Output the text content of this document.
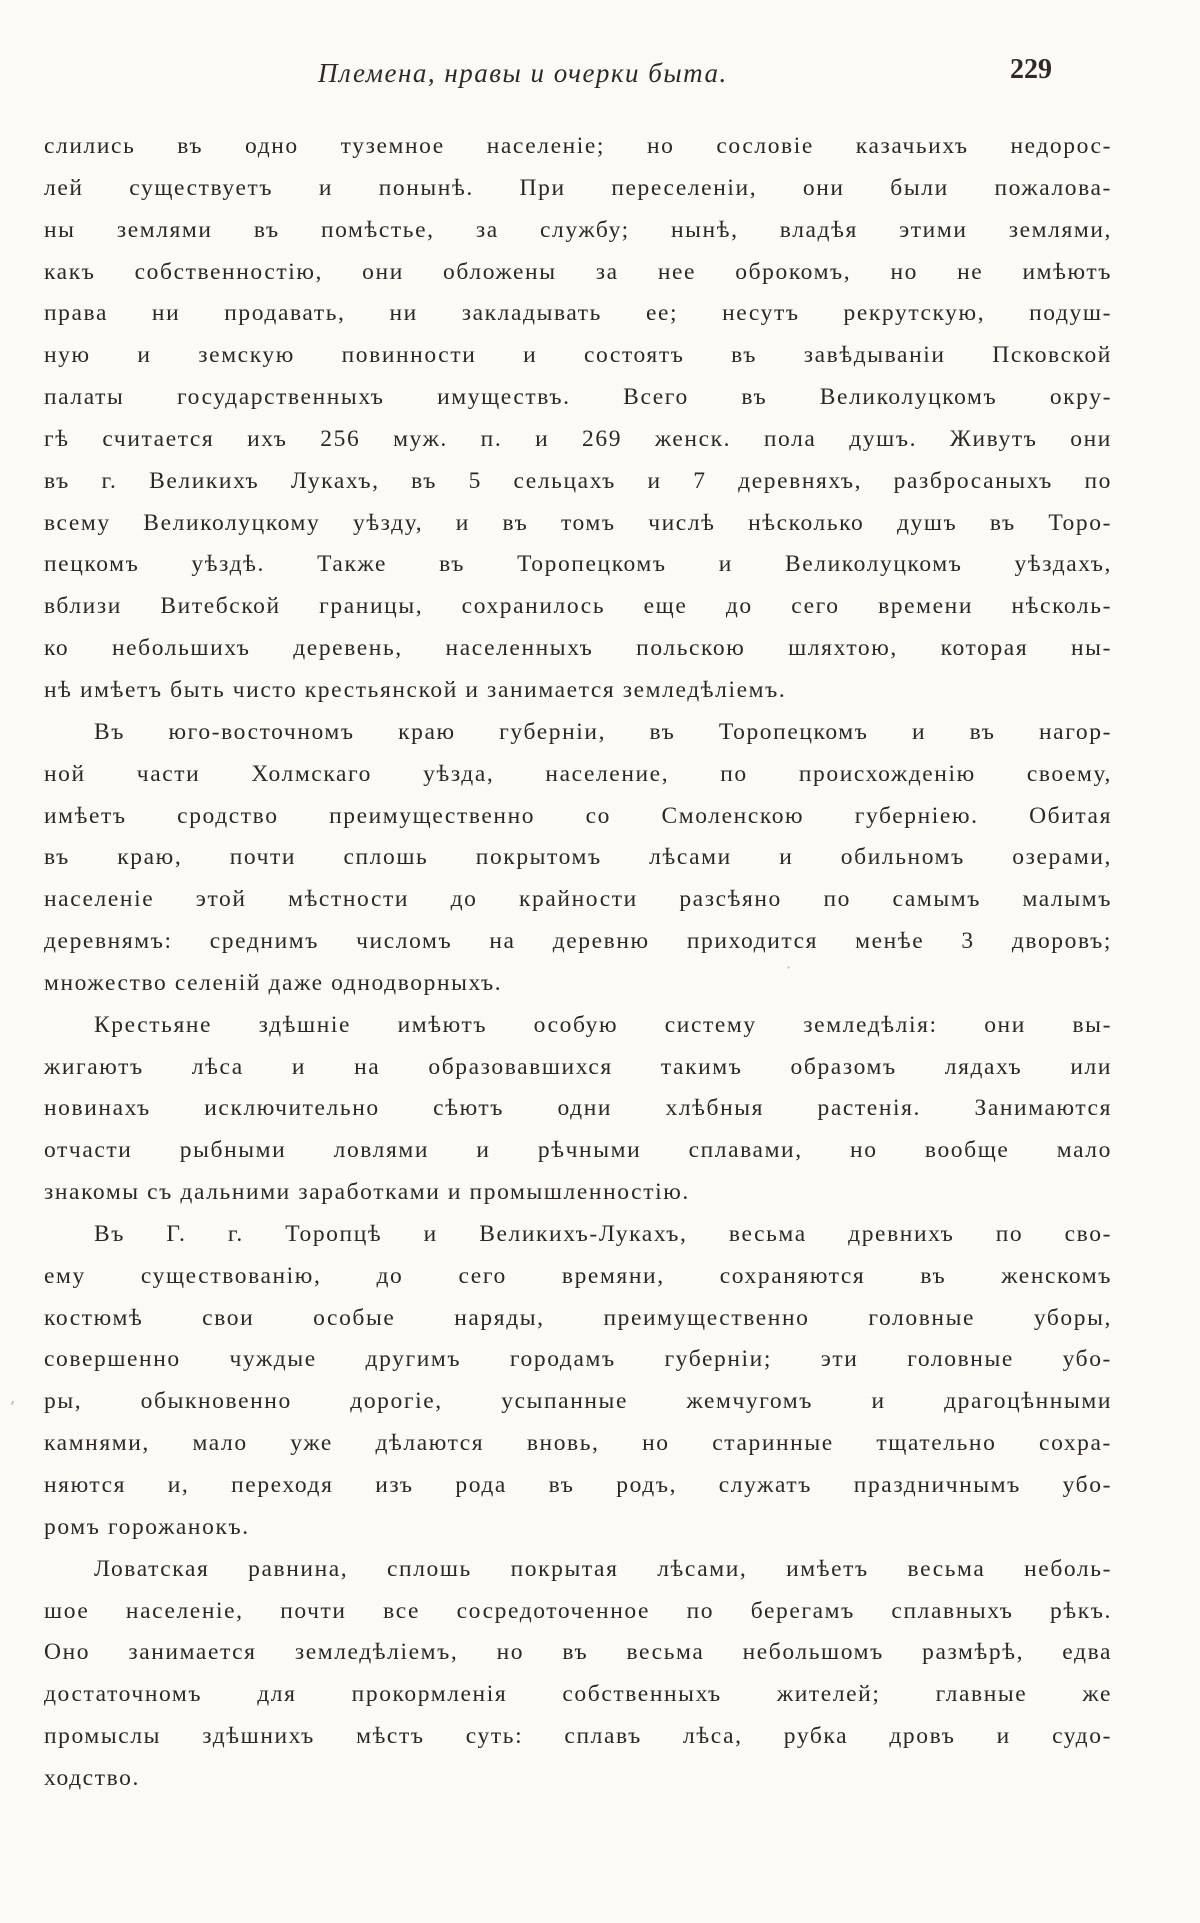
Племена, нравы и очерки быта.	229
слились въ одно туземное населеніе; но сословіе казачьихъ недорос-
лей существуетъ и понынѣ. При переселеніи, они были пожалова-
ны землями въ помѣстье, за службу; нынѣ, владѣя этими землями,
какъ собственностію, они обложены за нее оброкомъ, но не имѣютъ
права ни продавать, ни закладывать ее; несутъ рекрутскую, подуш-
ную и земскую повинности и состоятъ въ завѣдываніи Псковской
палаты государственныхъ имуществъ. Всего въ Великолуцкомъ окру-
гѣ считается ихъ 256 муж. п. и 269 женск. пола душъ. Живутъ они
въ г. Великихъ Лукахъ, въ 5 сельцахъ и 7 деревняхъ, разбросаныхъ по
всему Великолуцкому уѣзду, и въ томъ числѣ нѣсколько душъ въ Торо-
пецкомъ уѣздѣ. Также въ Торопецкомъ и Великолуцкомъ уѣздахъ,
вблизи Витебской границы, сохранилось еще до сего времени нѣсколь-
ко небольшихъ деревень, населенныхъ польскою шляхтою, которая ны-
нѣ имѣетъ быть чисто крестьянской и занимается земледѣліемъ.
Въ юго-восточномъ краю губерніи, въ Торопецкомъ и въ нагор-
ной части Холмскаго уѣзда, население, по происхожденію своему,
имѣетъ сродство преимущественно со Смоленскою губерніею. Обитая
въ краю, почти сплошь покрытомъ лѣсами и обильномъ озерами,
населеніе этой мѣстности до крайности разсѣяно по самымъ малымъ
деревнямъ: среднимъ числомъ на деревню приходится менѣе 3 дворовъ;
множество селеній даже однодворныхъ.
Крестьяне здѣшніе имѣютъ особую систему земледѣлія: они вы-
жигаютъ лѣса и на образовавшихся такимъ образомъ лядахъ или
новинахъ исключительно сѣютъ одни хлѣбныя растенія. Занимаются
отчасти рыбными ловлями и рѣчными сплавами, но вообще мало
знакомы съ дальними заработками и промышленностію.
Въ Г. г. Торопцѣ и Великихъ-Лукахъ, весьма древнихъ по сво-
ему существованію, до сего времяни, сохраняются въ женскомъ
костюмѣ свои особые наряды, преимущественно головные уборы,
совершенно чуждые другимъ городамъ губерніи; эти головные убо-
ры, обыкновенно дорогіе, усыпанные жемчугомъ и драгоцѣнными
камнями, мало уже дѣлаются вновь, но старинные тщательно сохра-
няются и, переходя изъ рода въ родъ, служатъ праздничнымъ убо-
ромъ горожанокъ.
Ловатская равнина, сплошь покрытая лѣсами, имѣетъ весьма неболь-
шое населеніе, почти все сосредоточенное по берегамъ сплавныхъ рѣкъ.
Оно занимается земледѣліемъ, но въ весьма небольшомъ размѣрѣ, едва
достаточномъ для прокормленія собственныхъ жителей; главные же
промыслы здѣшнихъ мѣстъ суть: сплавъ лѣса, рубка дровъ и судо-
ходство.
·
,
